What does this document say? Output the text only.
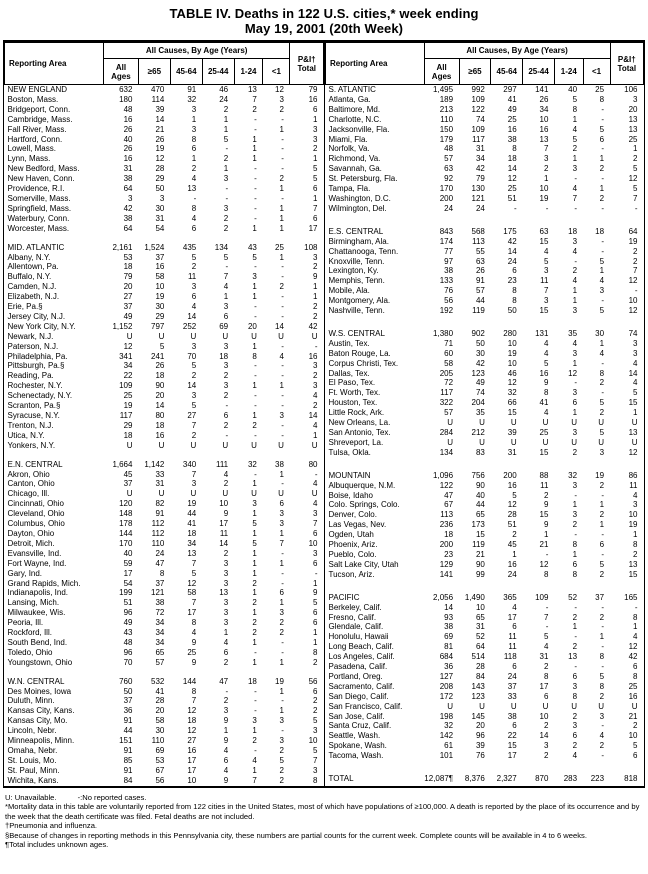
TABLE IV. Deaths in 122 U.S. cities,* week ending
May 19, 2001 (20th Week)
Reporting Area	All Causes, By Age (Years)						P&I†
Total

	All Ages	≥65	45-64	25-44	1-24	<1	
NEW ENGLAND	632	470	91	46	13	12	79
Boston, Mass.	180	114	32	24	7	3	16
Bridgeport, Conn.	48	39	3	2	2	2	6
Cambridge, Mass.	16	14	1	1	-	-	1
Fall River, Mass.	26	21	3	1	-	1	3
Hartford, Conn.	40	26	8	5	1	-	3
Lowell, Mass.	26	19	6	-	1	-	2
Lynn, Mass.	16	12	1	2	1	-	1
New Bedford, Mass.	31	28	2	1	-	-	5
New Haven, Conn.	38	29	4	3	-	2	5
Providence, R.I.	64	50	13	-	-	1	6
Somerville, Mass.	3	3	-	-	-	-	1
Springfield, Mass.	42	30	8	3	-	1	7
Waterbury, Conn.	38	31	4	2	-	1	6
Worcester, Mass.	64	54	6	2	1	1	17

MID. ATLANTIC	2,161	1,524	435	134	43	25	108
Albany, N.Y.	53	37	5	5	5	1	3
Allentown, Pa.	18	16	2	-	-	-	2
Buffalo, N.Y.	79	58	11	7	3	-	9
Camden, N.J.	20	10	3	4	1	2	1
Elizabeth, N.J.	27	19	6	1	1	-	1
Erie, Pa.§	37	30	4	3	-	-	2
Jersey City, N.J.	49	29	14	6	-	-	2
New York City, N.Y.	1,152	797	252	69	20	14	42
Newark, N.J.	U	U	U	U	U	U	U
Paterson, N.J.	12	5	3	3	1	-	-
Philadelphia, Pa.	341	241	70	18	8	4	16
Pittsburgh, Pa.§	34	26	5	3	-	-	3
Reading, Pa.	22	18	2	2	-	-	2
Rochester, N.Y.	109	90	14	3	1	1	3
Schenectady, N.Y.	25	20	3	2	-	-	4
Scranton, Pa.§	19	14	5	-	-	-	2
Syracuse, N.Y.	117	80	27	6	1	3	14
Trenton, N.J.	29	18	7	2	2	-	4
Utica, N.Y.	18	16	2	-	-	-	1
Yonkers, N.Y.	U	U	U	U	U	U	U

E.N. CENTRAL	1,664	1,142	340	111	32	38	80
Akron, Ohio	45	33	7	4	-	1	-
Canton, Ohio	37	31	3	2	1	-	4
Chicago, Ill.	U	U	U	U	U	U	U
Cincinnati, Ohio	120	82	19	10	3	6	4
Cleveland, Ohio	148	91	44	9	1	3	3
Columbus, Ohio	178	112	41	17	5	3	7
Dayton, Ohio	144	112	18	11	1	1	6
Detroit, Mich.	170	110	34	14	5	7	10
Evansville, Ind.	40	24	13	2	1	-	3
Fort Wayne, Ind.	59	47	7	3	1	1	6
Gary, Ind.	17	8	5	3	1	-	-
Grand Rapids, Mich.	54	37	12	3	2	-	1
Indianapolis, Ind.	199	121	58	13	1	6	9
Lansing, Mich.	51	38	7	3	2	1	5
Milwaukee, Wis.	96	72	17	3	1	3	6
Peoria, Ill.	49	34	8	3	2	2	6
Rockford, Ill.	43	34	4	1	2	2	1
South Bend, Ind.	48	34	9	4	1	-	1
Toledo, Ohio	96	65	25	6	-	-	8
Youngstown, Ohio	70	57	9	2	1	1	2

W.N. CENTRAL	760	532	144	47	18	19	56
Des Moines, Iowa	50	41	8	-	-	1	6
Duluth, Minn.	37	28	7	2	-	-	2
Kansas City, Kans.	36	20	12	3	-	1	2
Kansas City, Mo.	91	58	18	9	3	3	5
Lincoln, Nebr.	44	30	12	1	1	-	3
Minneapolis, Minn.	151	110	27	9	2	3	10
Omaha, Nebr.	91	69	16	4	-	2	5
St. Louis, Mo.	85	53	17	6	4	5	7
St. Paul, Minn.	91	67	17	4	1	2	3
Wichita, Kans.	84	56	10	9	7	2	8
Reporting Area	All Causes, By Age (Years)						P&I†
Total

	All Ages	≥65	45-64	25-44	1-24	<1	
S. ATLANTIC	1,495	992	297	141	40	25	106
Atlanta, Ga.	189	109	41	26	5	8	3
Baltimore, Md.	213	122	49	34	8	-	20
Charlotte, N.C.	110	74	25	10	1	-	13
Jacksonville, Fla.	150	109	16	16	4	5	13
Miami, Fla.	179	117	38	13	5	6	25
Norfolk, Va.	48	31	8	7	2	-	1
Richmond, Va.	57	34	18	3	1	1	2
Savannah, Ga.	63	42	14	2	3	2	5
St. Petersburg, Fla.	92	79	12	1	-	-	12
Tampa, Fla.	170	130	25	10	4	1	5
Washington, D.C.	200	121	51	19	7	2	7
Wilmington, Del.	24	24	-	-	-	-	-

E.S. CENTRAL	843	568	175	63	18	18	64
Birmingham, Ala.	174	113	42	15	3	-	19
Chattanooga, Tenn.	77	55	14	4	4	-	2
Knoxville, Tenn.	97	63	24	5	-	5	2
Lexington, Ky.	38	26	6	3	2	1	7
Memphis, Tenn.	133	91	23	11	4	4	12
Mobile, Ala.	76	57	8	7	1	3	-
Montgomery, Ala.	56	44	8	3	1	-	10
Nashville, Tenn.	192	119	50	15	3	5	12

W.S. CENTRAL	1,380	902	280	131	35	30	74
Austin, Tex.	71	50	10	4	4	1	3
Baton Rouge, La.	60	30	19	4	3	4	3
Corpus Christi, Tex.	58	42	10	5	1	-	4
Dallas, Tex.	205	123	46	16	12	8	14
El Paso, Tex.	72	49	12	9	-	2	4
Ft. Worth, Tex.	117	74	32	8	3	-	5
Houston, Tex.	322	204	66	41	6	5	15
Little Rock, Ark.	57	35	15	4	1	2	1
New Orleans, La.	U	U	U	U	U	U	U
San Antonio, Tex.	284	212	39	25	3	5	13
Shreveport, La.	U	U	U	U	U	U	U
Tulsa, Okla.	134	83	31	15	2	3	12

MOUNTAIN	1,096	756	200	88	32	19	86
Albuquerque, N.M.	122	90	16	11	3	2	11
Boise, Idaho	47	40	5	2	-	-	4
Colo. Springs, Colo.	67	44	12	9	1	1	3
Denver, Colo.	113	65	28	15	3	2	10
Las Vegas, Nev.	236	173	51	9	2	1	19
Ogden, Utah	18	15	2	1	-	-	1
Phoenix, Ariz.	200	119	45	21	8	6	8
Pueblo, Colo.	23	21	1	-	1	-	2
Salt Lake City, Utah	129	90	16	12	6	5	13
Tucson, Ariz.	141	99	24	8	8	2	15

PACIFIC	2,056	1,490	365	109	52	37	165
Berkeley, Calif.	14	10	4	-	-	-	-
Fresno, Calif.	93	65	17	7	2	2	8
Glendale, Calif.	38	31	6	-	1	-	1
Honolulu, Hawaii	69	52	11	5	-	1	4
Long Beach, Calif.	81	64	11	4	2	-	12
Los Angeles, Calif.	684	514	118	31	13	8	42
Pasadena, Calif.	36	28	6	2	-	-	6
Portland, Oreg.	127	84	24	8	6	5	8
Sacramento, Calif.	208	143	37	17	3	8	25
San Diego, Calif.	172	123	33	6	8	2	16
San Francisco, Calif.	U	U	U	U	U	U	U
San Jose, Calif.	198	145	38	10	2	3	21
Santa Cruz, Calif.	32	20	6	2	3	-	2
Seattle, Wash.	142	96	22	14	6	4	10
Spokane, Wash.	61	39	15	3	2	2	5
Tacoma, Wash.	101	76	17	2	4	-	6

TOTAL	12,087¶	8,376	2,327	870	283	223	818
U: Unavailable.          -:No reported cases.
*Mortality data in this table are voluntarily reported from 122 cities in the United States, most of which have populations of ≥100,000. A death is reported by the place of its occurrence and by the week that the death certificate was filed. Fetal deaths are not included.
†Pneumonia and influenza.
§Because of changes in reporting methods in this Pennsylvania city, these numbers are partial counts for the current week. Complete counts will be available in 4 to 6 weeks.
¶Total includes unknown ages.
